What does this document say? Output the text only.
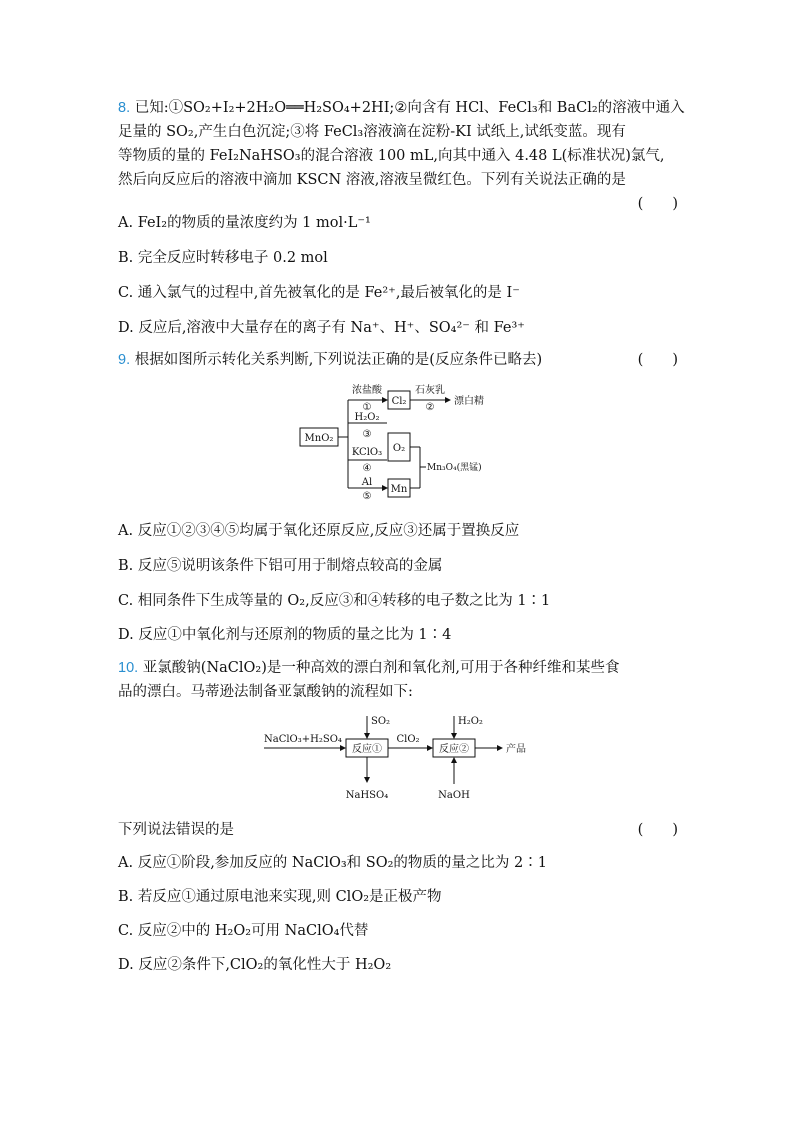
8. 已知:①SO₂+I₂+2H₂O══H₂SO₄+2HI;②向含有 HCl、FeCl₃和 BaCl₂的溶液中通入
足量的 SO₂,产生白色沉淀;③将 FeCl₃溶液滴在淀粉-KI 试纸上,试纸变蓝。现有
等物质的量的 FeI₂NaHSO₃的混合溶液 100 mL,向其中通入 4.48 L(标准状况)氯气,
然后向反应后的溶液中滴加 KSCN 溶液,溶液呈微红色。下列有关说法正确的是
(　　)
A. FeI₂的物质的量浓度约为 1 mol·L⁻¹
B. 完全反应时转移电子 0.2 mol
C. 通入氯气的过程中,首先被氧化的是 Fe²⁺,最后被氧化的是 I⁻
D. 反应后,溶液中大量存在的离子有 Na⁺、H⁺、SO₄²⁻ 和 Fe³⁺
9. 根据如图所示转化关系判断,下列说法正确的是(反应条件已略去)	(　　)
MnO₂
浓盐酸
①
H₂O₂
③
KClO₃
④
Al
⑤
Cl₂
石灰乳
②
漂白精
O₂
Mn
Mn₃O₄(黑锰)
A. 反应①②③④⑤均属于氧化还原反应,反应③还属于置换反应
B. 反应⑤说明该条件下铝可用于制熔点较高的金属
C. 相同条件下生成等量的 O₂,反应③和④转移的电子数之比为 1∶1
D. 反应①中氧化剂与还原剂的物质的量之比为 1∶4
10. 亚氯酸钠(NaClO₂)是一种高效的漂白剂和氧化剂,可用于各种纤维和某些食
品的漂白。马蒂逊法制备亚氯酸钠的流程如下:
NaClO₃+H₂SO₄
反应①
SO₂
NaHSO₄
ClO₂
反应②
H₂O₂
NaOH
产品
下列说法错误的是	(　　)
A. 反应①阶段,参加反应的 NaClO₃和 SO₂的物质的量之比为 2∶1
B. 若反应①通过原电池来实现,则 ClO₂是正极产物
C. 反应②中的 H₂O₂可用 NaClO₄代替
D. 反应②条件下,ClO₂的氧化性大于 H₂O₂
